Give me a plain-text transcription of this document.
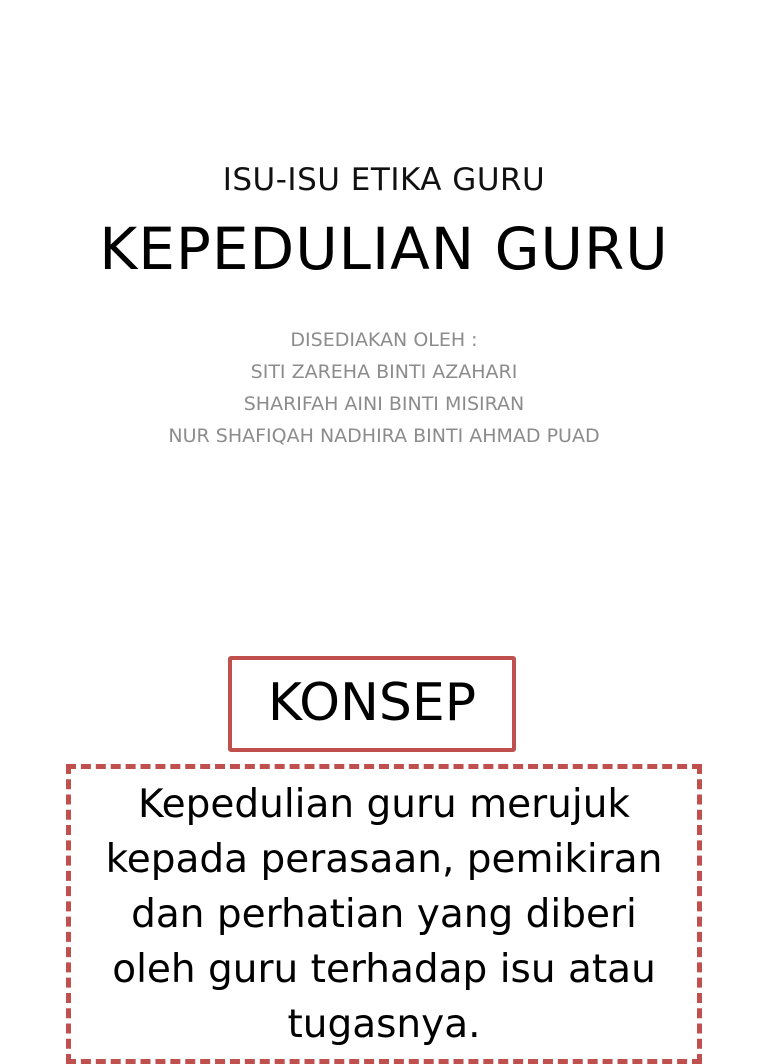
ISU-ISU ETIKA GURU
KEPEDULIAN GURU
DISEDIAKAN OLEH :
SITI ZAREHA BINTI AZAHARI
SHARIFAH AINI BINTI MISIRAN
NUR SHAFIQAH NADHIRA BINTI AHMAD PUAD
KONSEP
Kepedulian guru merujuk kepada perasaan, pemikiran dan perhatian yang diberi oleh guru terhadap isu atau tugasnya.
